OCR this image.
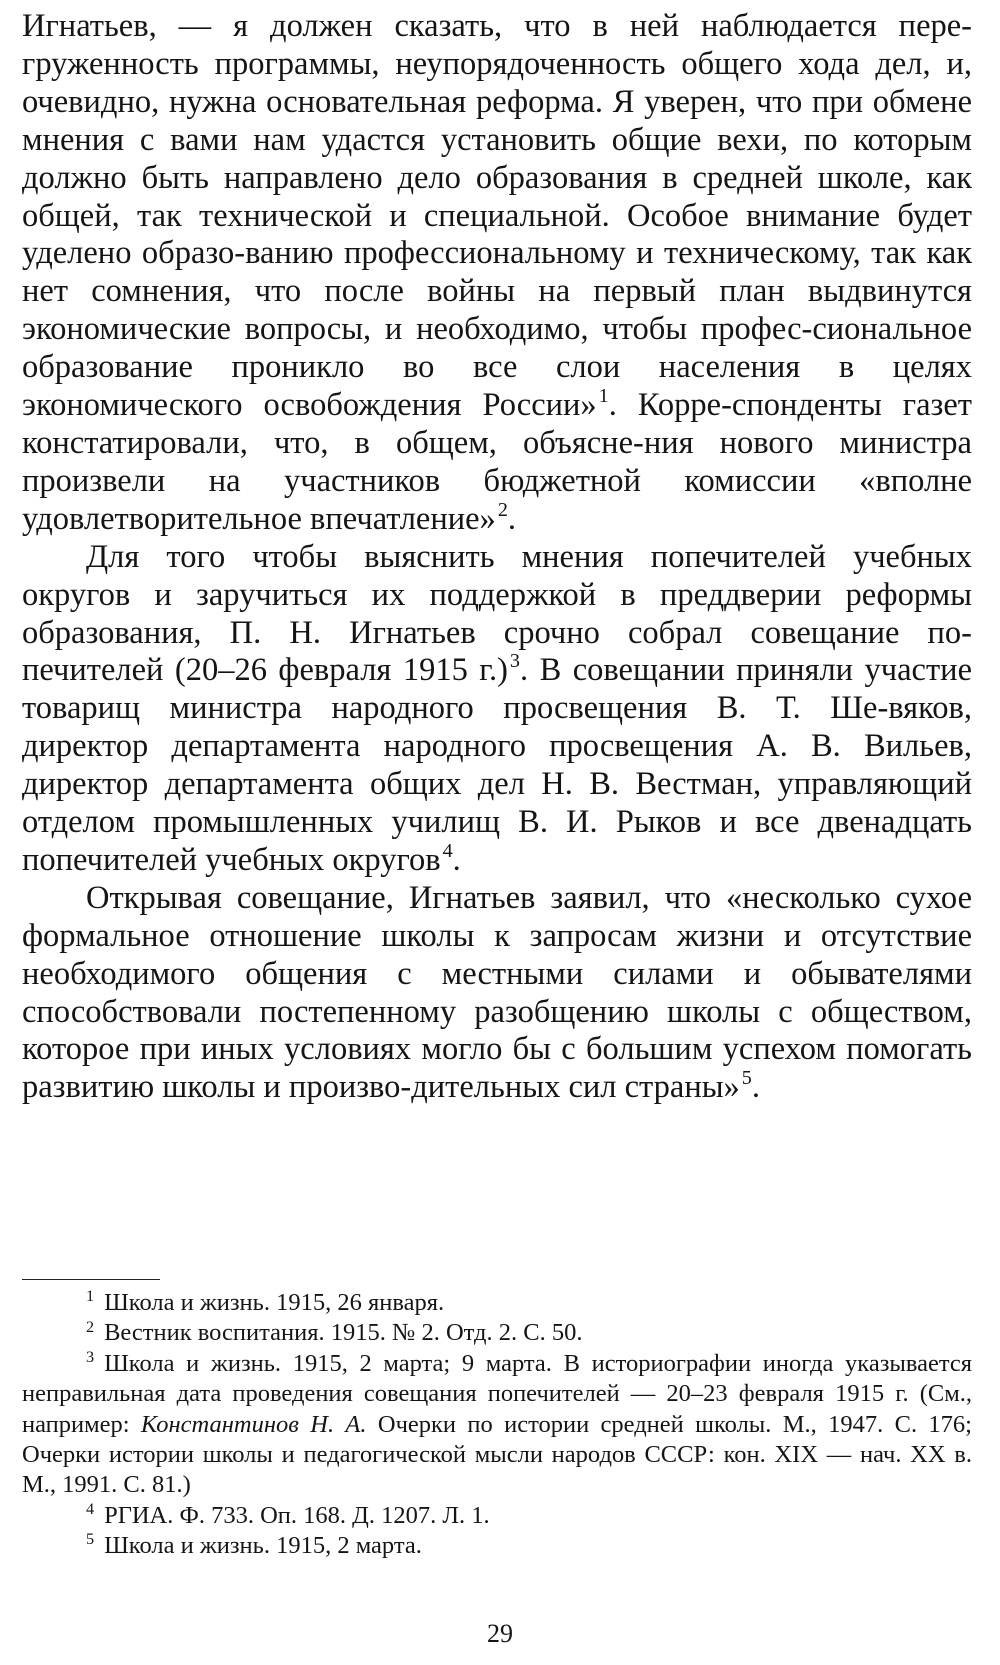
Игнатьев, — я должен сказать, что в ней наблюдается пере-груженность программы, неупорядоченность общего хода дел, и, очевидно, нужна основательная реформа. Я уверен, что при обмене мнения с вами нам удастся установить общие вехи, по которым должно быть направлено дело образования в средней школе, как общей, так технической и специальной. Особое внимание будет уделено образо-ванию профессиональному и техническому, так как нет сомнения, что после войны на первый план выдвинутся экономические вопросы, и необходимо, чтобы профес-сиональное образование проникло во все слои населения в целях экономического освобождения России»$^1$. Корре-спонденты газет констатировали, что, в общем, объясне-ния нового министра произвели на участников бюджетной комиссии «вполне удовлетворительное впечатление»$^2$.

Для того чтобы выяснить мнения попечителей учебных округов и заручиться их поддержкой в преддверии реформы образования, П. Н. Игнатьев срочно собрал совещание по-печителей (20–26 февраля 1915 г.)$^3$. В совещании приняли участие товарищ министра народного просвещения В. Т. Ше-вяков, директор департамента народного просвещения А. В. Вильев, директор департамента общих дел Н. В. Вестман, управляющий отделом промышленных училищ В. И. Рыков и все двенадцать попечителей учебных округов$^4$.

Открывая совещание, Игнатьев заявил, что «несколько сухое формальное отношение школы к запросам жизни и отсутствие необходимого общения с местными силами и обывателями способствовали постепенному разобщению школы с обществом, которое при иных условиях могло бы с большим успехом помогать развитию школы и произво-дительных сил страны»$^5$.

$^1$ Школа и жизнь. 1915, 26 января.

$^2$ Вестник воспитания. 1915. № 2. Отд. 2. С. 50.

$^3$ Школа и жизнь. 1915, 2 марта; 9 марта. В историографии иногда указывается неправильная дата проведения совещания попечителей — 20–23 февраля 1915 г. (См., например: Константинов Н. А. Очерки по истории средней школы. М., 1947. С. 176; Очерки истории школы и педагогической мысли народов СССР: кон. XIX — нач. XX в. М., 1991. С. 81.)

$^4$ РГИА. Ф. 733. Оп. 168. Д. 1207. Л. 1.

$^5$ Школа и жизнь. 1915, 2 марта.

29
